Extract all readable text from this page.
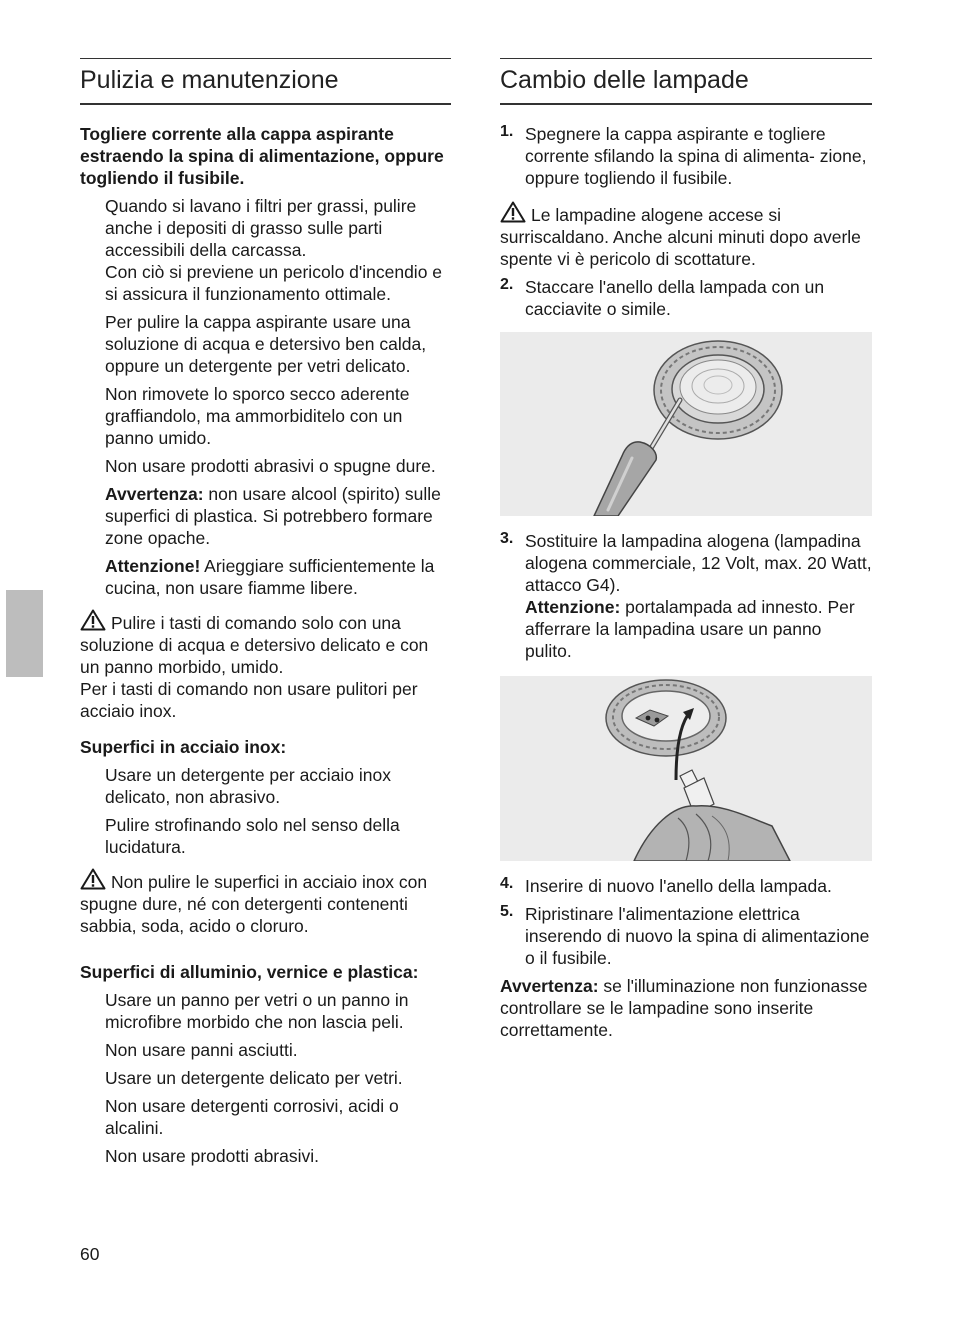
Pulizia e manutenzione

Togliere corrente alla cappa aspirante estraendo la spina di alimentazione, oppure togliendo il fusibile.

Quando si lavano i filtri per grassi, pulire anche i depositi di grasso sulle parti accessibili della carcassa.

Con ciò si previene un pericolo d'incendio e si assicura il funzionamento ottimale.

Per pulire la cappa aspirante usare una soluzione di acqua e detersivo ben calda, oppure un detergente per vetri delicato.

Non rimovete lo sporco secco aderente graffiandolo, ma ammorbiditelo con un panno umido.

Non usare prodotti abrasivi o spugne dure.

Avvertenza: non usare alcool (spirito) sulle superfici di plastica. Si potrebbero formare zone opache.

Attenzione! Arieggiare sufficientemente la cucina, non usare fiamme libere.

Pulire i tasti di comando solo con una soluzione di acqua e detersivo delicato e con un panno morbido, umido.

Per i tasti di comando non usare pulitori per acciaio inox.

Superfici in acciaio inox:

Usare un detergente per acciaio inox delicato, non abrasivo.

Pulire strofinando solo nel senso della lucidatura.

Non pulire le superfici in acciaio inox con spugne dure, né con detergenti contenenti sabbia, soda, acido o cloruro.

Superfici di alluminio, vernice e plastica:

Usare un panno per vetri o un panno in microfibre morbido che non lascia peli.

Non usare panni asciutti.

Usare un detergente delicato per vetri.

Non usare detergenti corrosivi, acidi o alcalini.

Non usare prodotti abrasivi.

Cambio delle lampade
1. Spegnere la cappa aspirante e togliere corrente sfilando la spina di alimenta- zione, oppure togliendo il fusibile.

Le lampadine alogene accese si surriscaldano. Anche alcuni minuti dopo averle spente vi è pericolo di scottature.

2. Staccare l'anello della lampada con un cacciavite o simile.

3. Sostituire la lampadina alogena (lampadina alogena commerciale, 12 Volt, max. 20 Watt, attacco G4).

Attenzione: portalampada ad innesto. Per afferrare la lampadina usare un panno pulito.

4. Inserire di nuovo l'anello della lampada.

5. Ripristinare l'alimentazione elettrica inserendo di nuovo la spina di alimentazione o il fusibile.

Avvertenza: se l'illuminazione non funzionasse controllare se le lampadine sono inserite correttamente.

60
